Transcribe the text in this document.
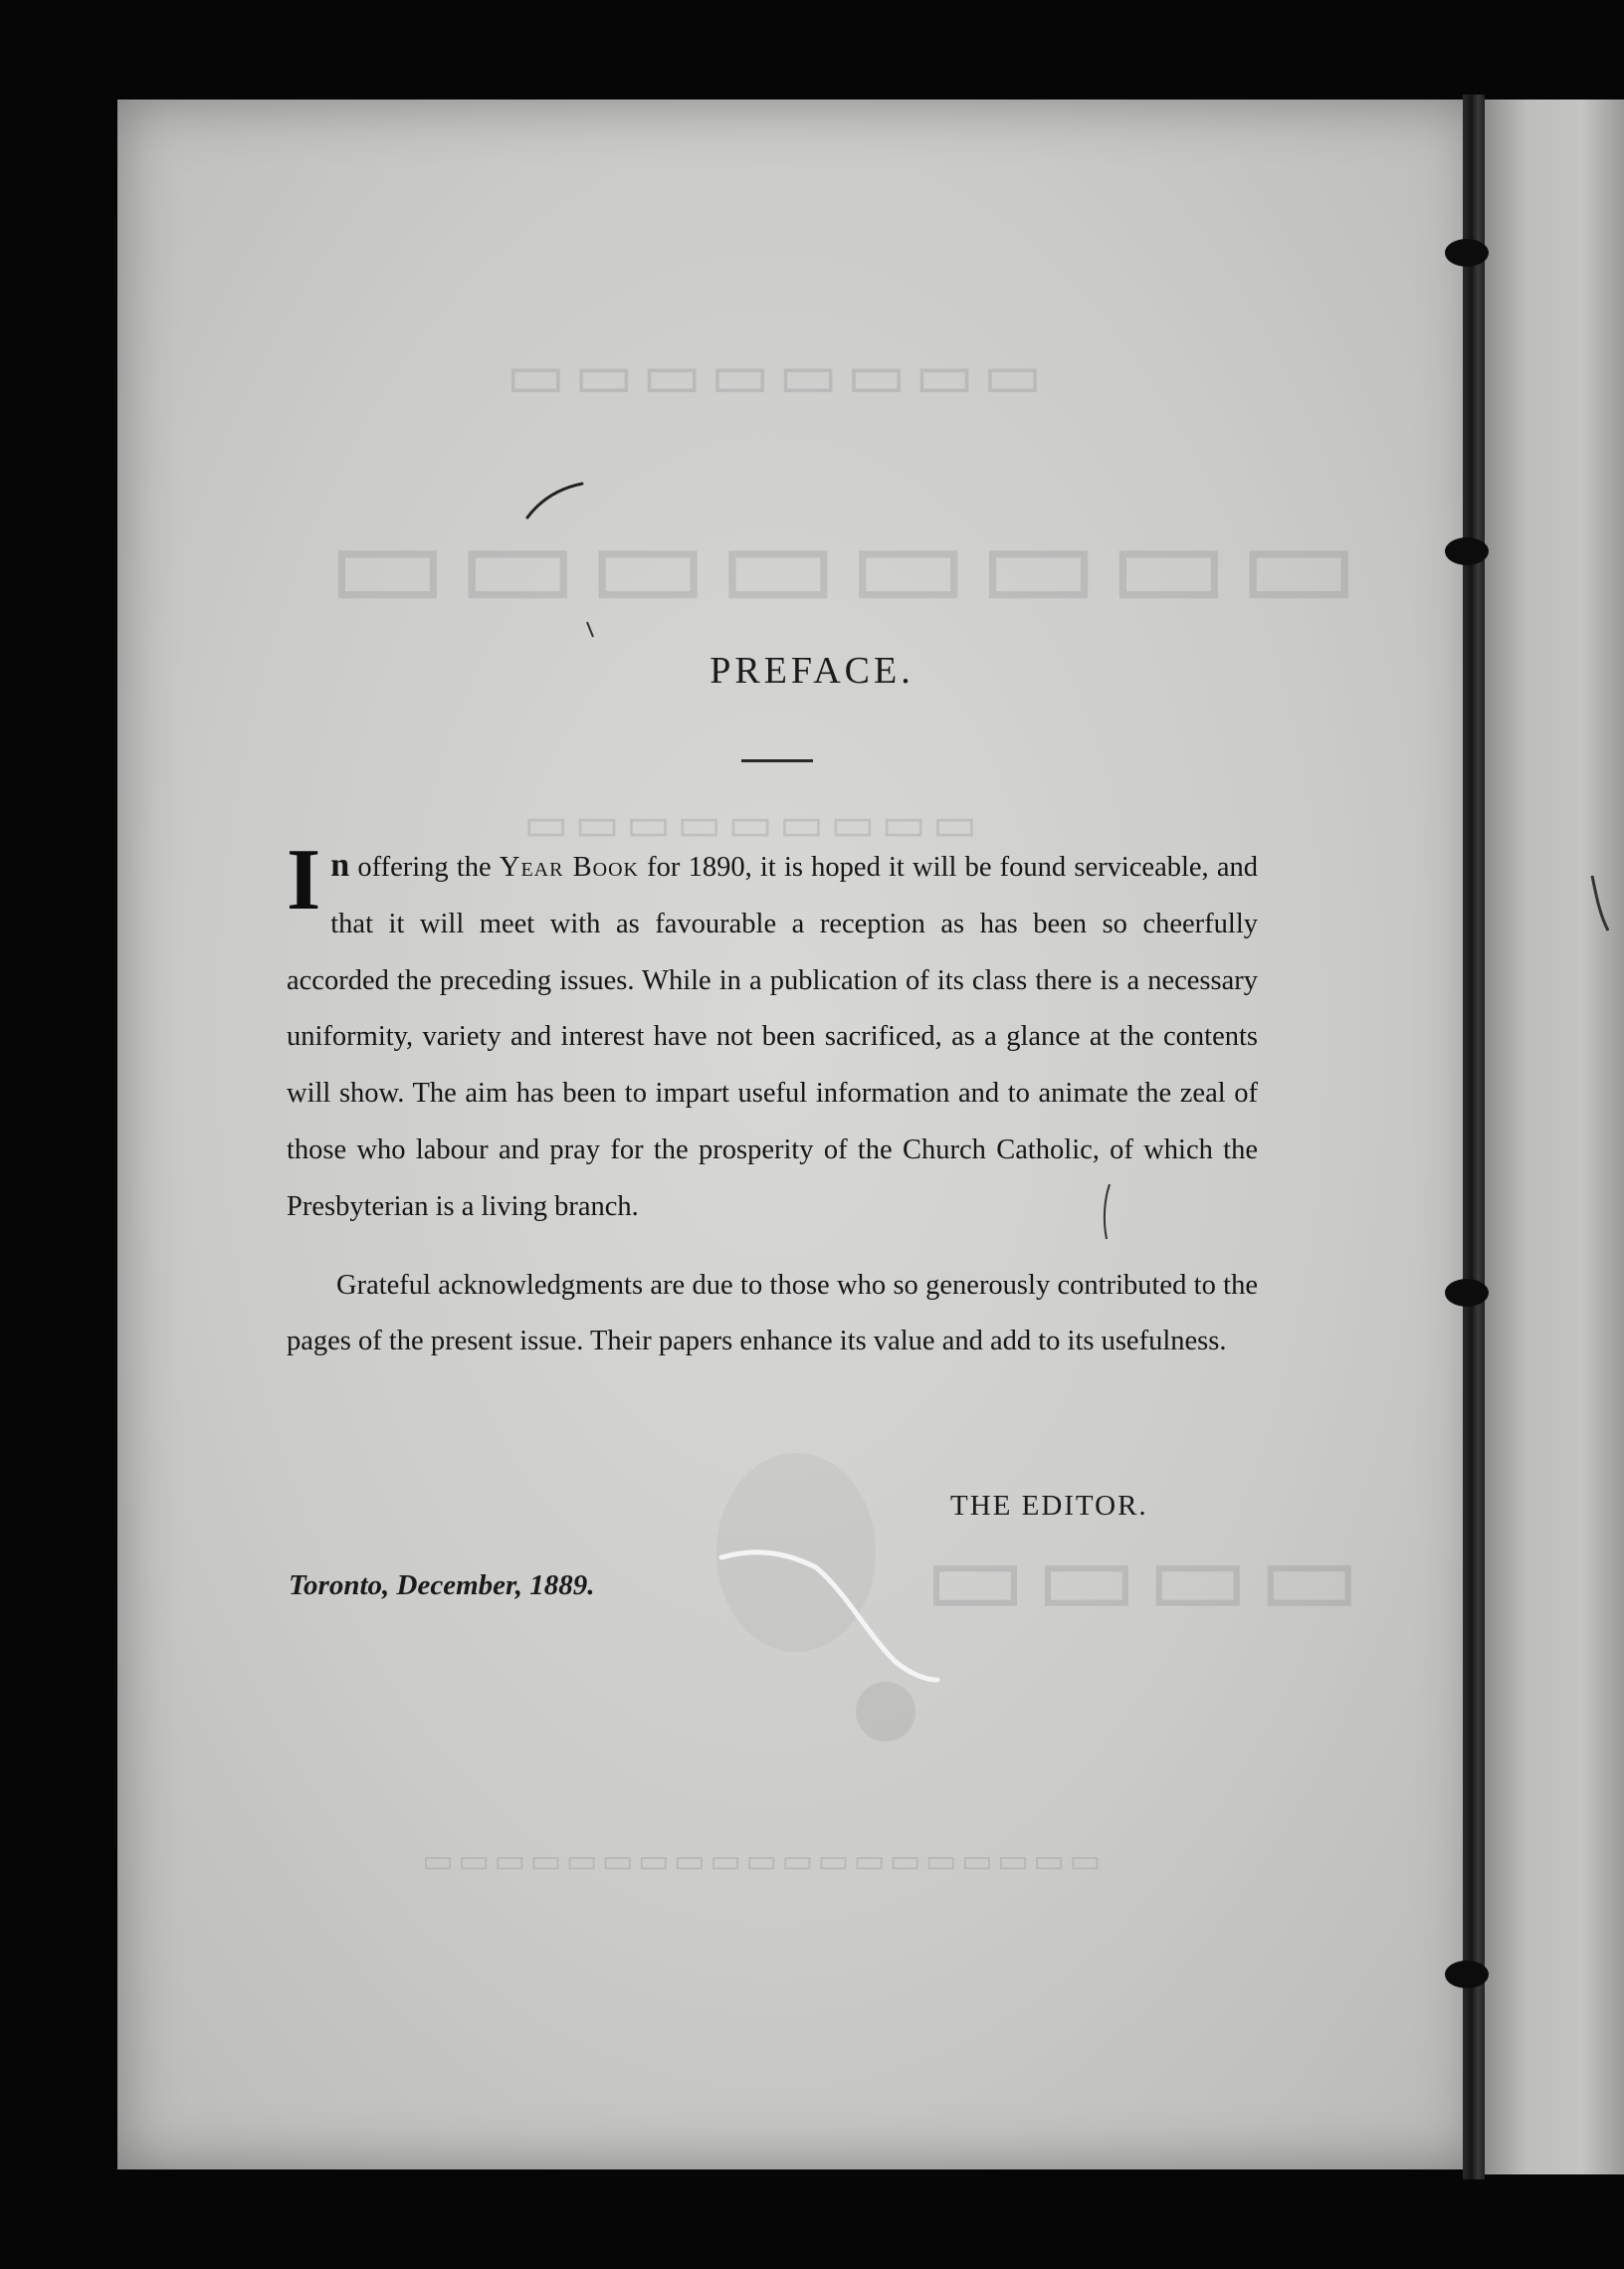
▭▭▭▭▭▭▭▭
▭▭▭▭▭▭▭▭
▭▭▭▭▭▭▭▭▭
▭▭▭▭
▭▭▭▭▭▭▭▭▭▭▭▭▭▭▭▭▭▭▭
PREFACE.

In offering the Year Book for 1890, it is hoped it will be found serviceable, and that it will meet with as favourable a reception as has been so cheerfully accorded the preceding issues. While in a publication of its class there is a necessary uniformity, variety and interest have not been sacrificed, as a glance at the contents will show. The aim has been to impart useful information and to animate the zeal of those who labour and pray for the prosperity of the Church Catholic, of which the Presbyterian is a living branch.

Grateful acknowledgments are due to those who so generously contributed to the pages of the present issue. Their papers enhance its value and add to its usefulness.

THE EDITOR.
Toronto, December, 1889.
